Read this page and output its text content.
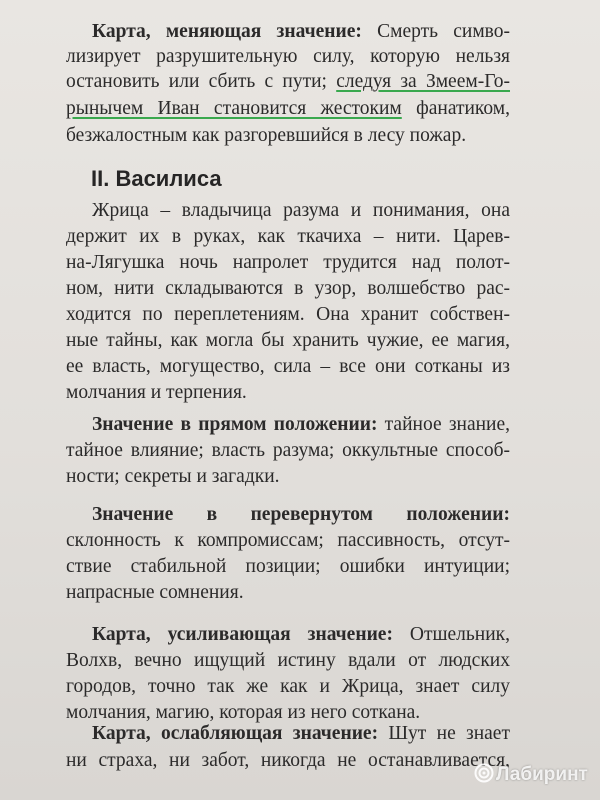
Карта, меняющая значение: Смерть симво-
лизирует разрушительную силу, которую нельзя
остановить или сбить с пути; следуя за Змеем-Го-
рынычем Иван становится жестоким фанатиком,
безжалостным как разгоревшийся в лесу пожар.
II. Василиса
Жрица – владычица разума и понимания, она
держит их в руках, как ткачиха – нити. Царев-
на-Лягушка ночь напролет трудится над полот-
ном, нити складываются в узор, волшебство рас-
ходится по переплетениям. Она хранит собствен-
ные тайны, как могла бы хранить чужие, ее магия,
ее власть, могущество, сила – все они сотканы из
молчания и терпения.
Значение в прямом положении: тайное знание,
тайное влияние; власть разума; оккультные способ-
ности; секреты и загадки.
Значение в перевернутом положении:
склонность к компромиссам; пассивность, отсут-
ствие стабильной позиции; ошибки интуиции;
напрасные сомнения.
Карта, усиливающая значение: Отшельник,
Волхв, вечно ищущий истину вдали от людских
городов, точно так же как и Жрица, знает силу
молчания, магию, которая из него соткана.
Карта, ослабляющая значение: Шут не знает
ни страха, ни забот, никогда не останавливается,
Лабиринт
